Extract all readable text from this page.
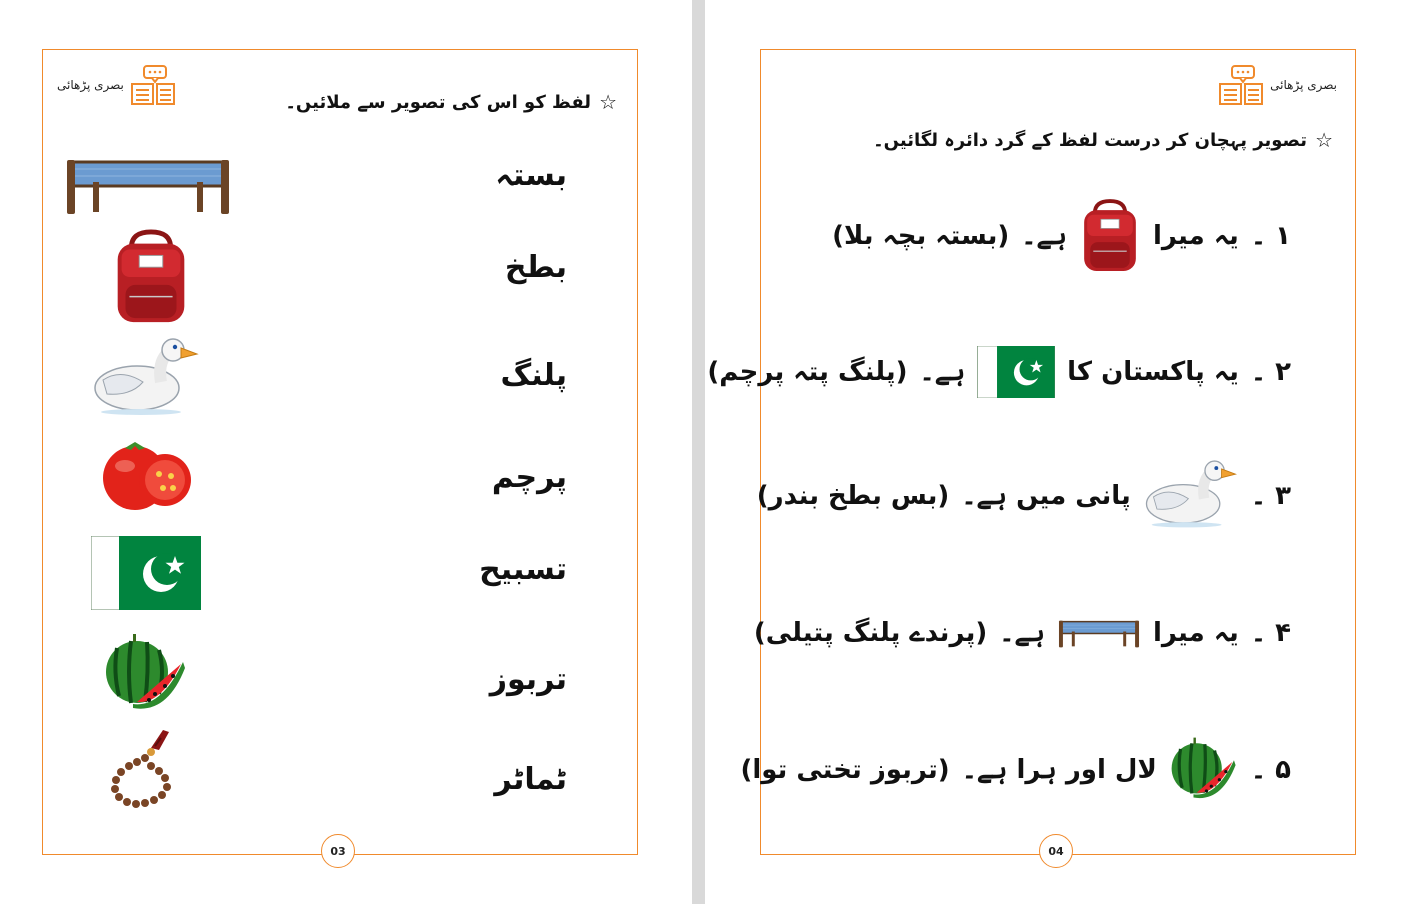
بصری پڑھائی
☆
لفظ کو اس کی تصویر سے ملائیں۔
بستہ
بطخ
پلنگ
پرچم
تسبیح
تربوز
ٹماٹر
03
بصری پڑھائی
☆
تصویر پہچان کر درست لفظ کے گرد دائرہ لگائیں۔
۱ ۔
یہ میرا
ہے۔
(بستہ بچہ بلا)
۲ ۔
یہ پاکستان کا
ہے۔
(پلنگ پتہ پرچم)
۳ ۔
پانی میں ہے۔
(بس بطخ بندر)
۴ ۔
یہ میرا
ہے۔
(پرندے پلنگ پتیلی)
۵ ۔
لال اور ہرا ہے۔
(تربوز تختی توا)
04
